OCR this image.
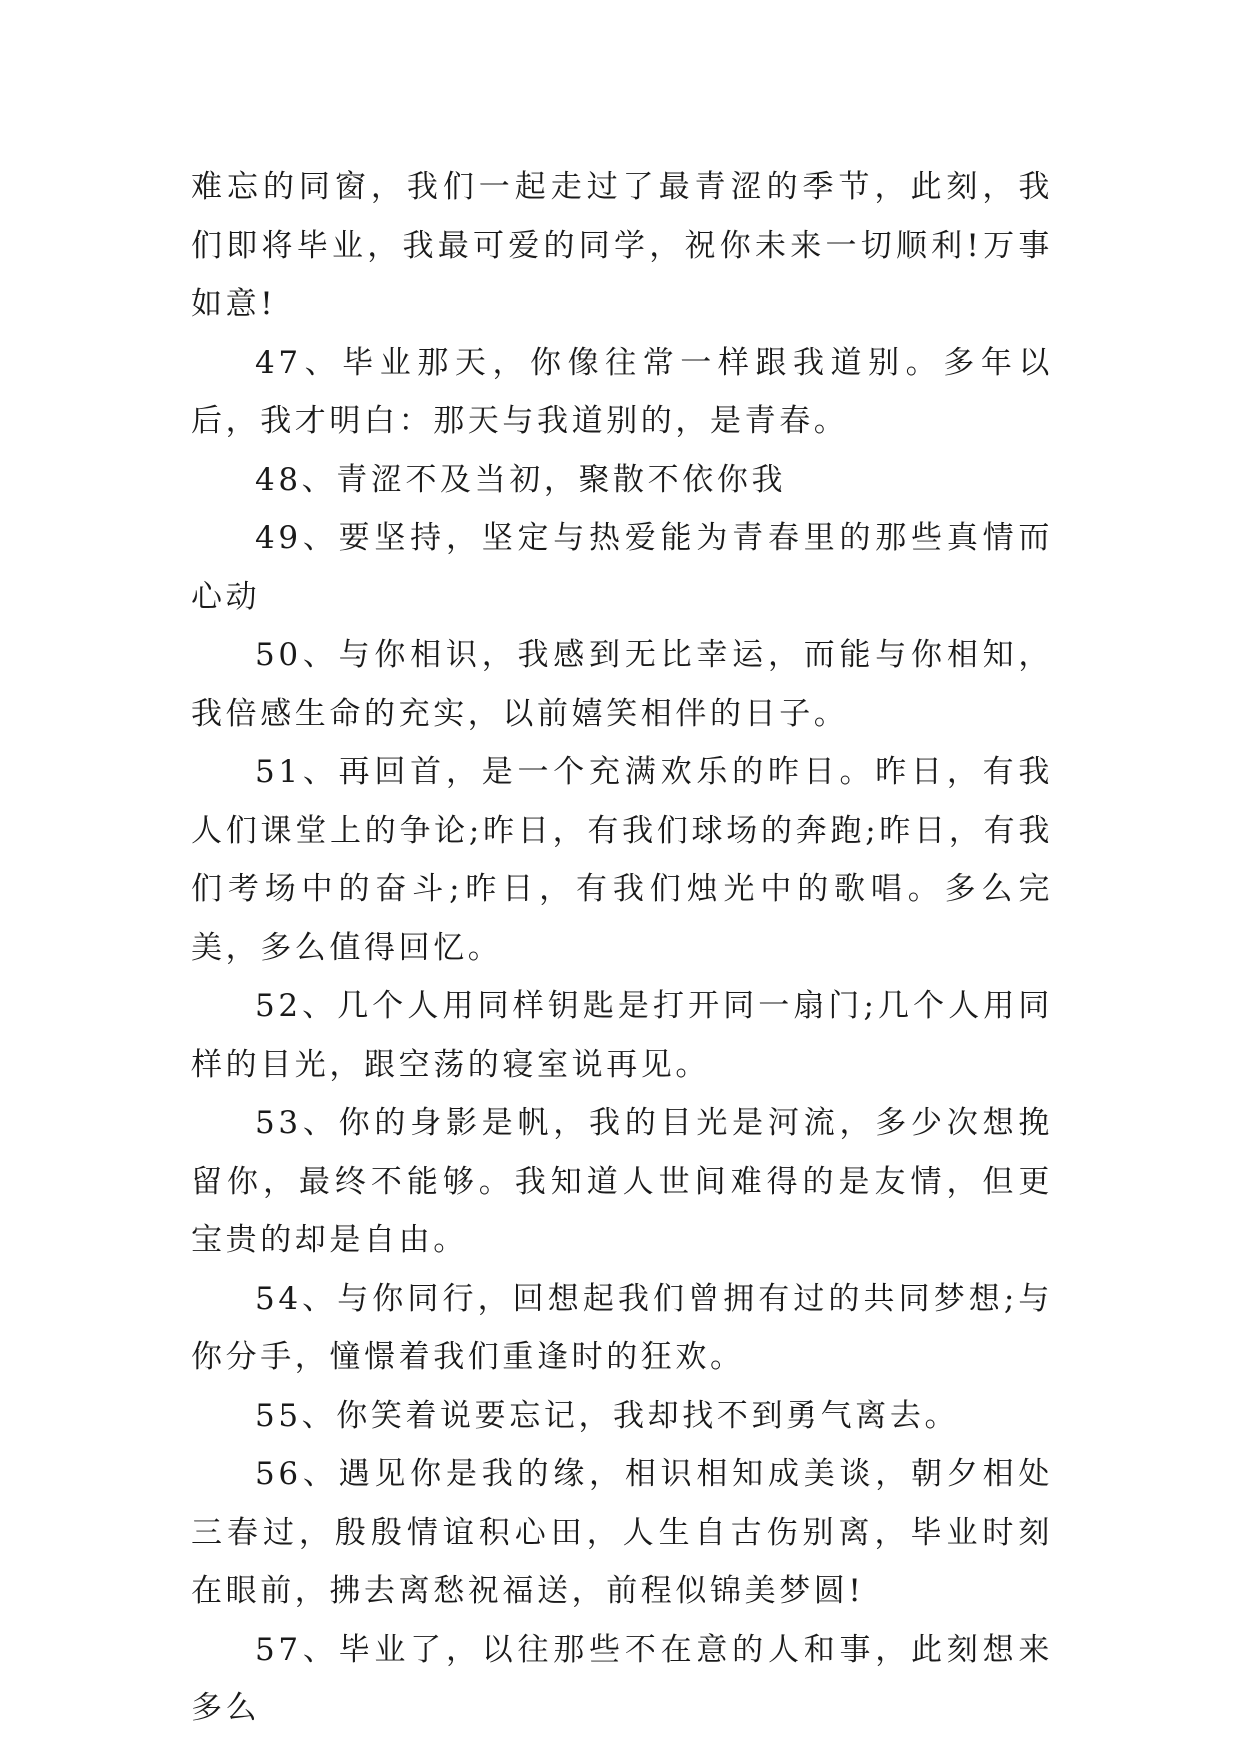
难忘的同窗，我们一起走过了最青涩的季节，此刻，我们即将毕业，我最可爱的同学，祝你未来一切顺利!万事如意!

47、毕业那天，你像往常一样跟我道别。多年以后，我才明白：那天与我道别的，是青春。

48、青涩不及当初，聚散不依你我

49、要坚持，坚定与热爱能为青春里的那些真情而心动

50、与你相识，我感到无比幸运，而能与你相知，我倍感生命的充实，以前嬉笑相伴的日子。

51、再回首，是一个充满欢乐的昨日。昨日，有我人们课堂上的争论;昨日，有我们球场的奔跑;昨日，有我们考场中的奋斗;昨日，有我们烛光中的歌唱。多么完美，多么值得回忆。

52、几个人用同样钥匙是打开同一扇门;几个人用同样的目光，跟空荡的寝室说再见。

53、你的身影是帆，我的目光是河流，多少次想挽留你，最终不能够。我知道人世间难得的是友情，但更宝贵的却是自由。

54、与你同行，回想起我们曾拥有过的共同梦想;与你分手，憧憬着我们重逢时的狂欢。

55、你笑着说要忘记，我却找不到勇气离去。

56、遇见你是我的缘，相识相知成美谈，朝夕相处三春过，殷殷情谊积心田，人生自古伤别离，毕业时刻在眼前，拂去离愁祝福送，前程似锦美梦圆!

57、毕业了，以往那些不在意的人和事，此刻想来多么
